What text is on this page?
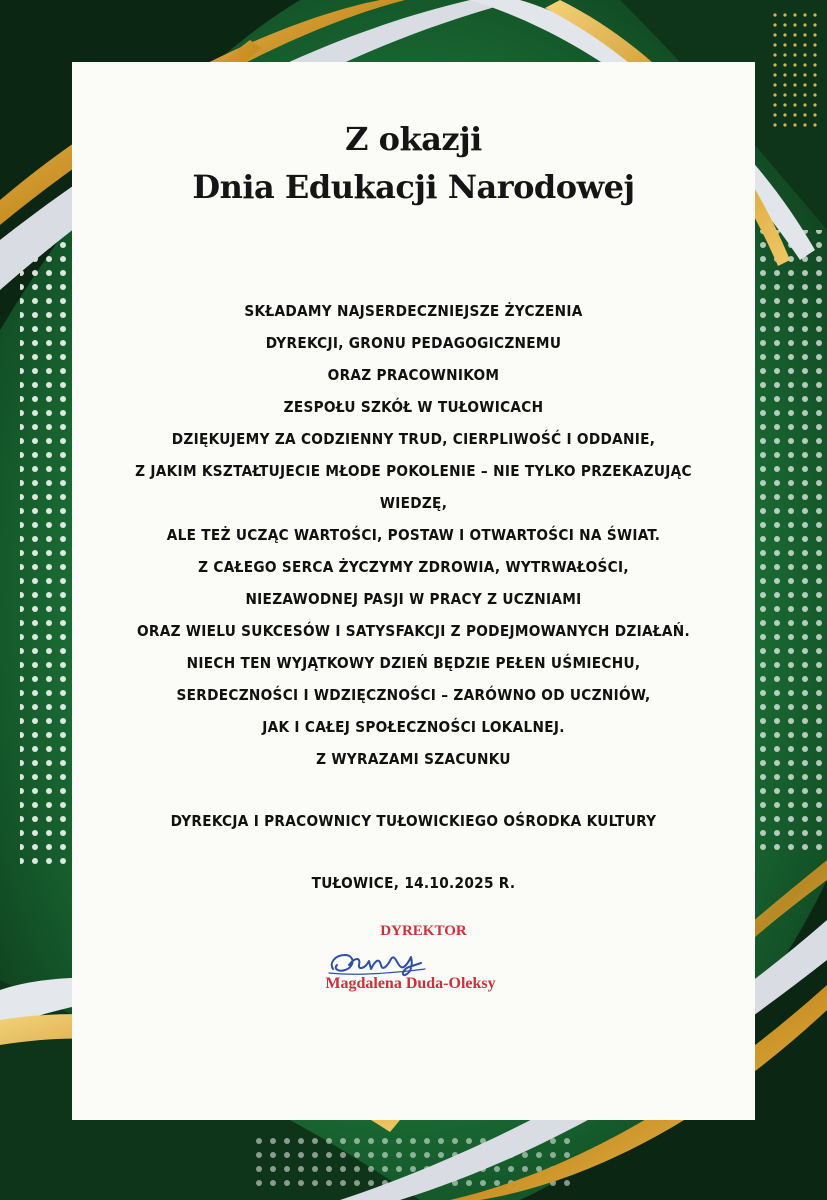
Z okazji
Dnia Edukacji Narodowej
SKŁADAMY NAJSERDECZNIEJSZE ŻYCZENIA
DYREKCJI, GRONU PEDAGOGICZNEMU
ORAZ PRACOWNIKOM
ZESPOŁU SZKÓŁ W TUŁOWICACH
DZIĘKUJEMY ZA CODZIENNY TRUD, CIERPLIWOŚĆ I ODDANIE,
Z JAKIM KSZTAŁTUJECIE MŁODE POKOLENIE – NIE TYLKO PRZEKAZUJĄC
WIEDZĘ,
ALE TEŻ UCZĄC WARTOŚCI, POSTAW I OTWARTOŚCI NA ŚWIAT.
Z CAŁEGO SERCA ŻYCZYMY ZDROWIA, WYTRWAŁOŚCI,
NIEZAWODNEJ PASJI W PRACY Z UCZNIAMI
ORAZ WIELU SUKCESÓW I SATYSFAKCJI Z PODEJMOWANYCH DZIAŁAŃ.
NIECH TEN WYJĄTKOWY DZIEŃ BĘDZIE PEŁEN UŚMIECHU,
SERDECZNOŚCI I WDZIĘCZNOŚCI – ZARÓWNO OD UCZNIÓW,
JAK I CAŁEJ SPOŁECZNOŚCI LOKALNEJ.
Z WYRAZAMI SZACUNKU
DYREKCJA I PRACOWNICY TUŁOWICKIEGO OŚRODKA KULTURY
TUŁOWICE, 14.10.2025 R.
DYREKTOR
Magdalena Duda-Oleksy
